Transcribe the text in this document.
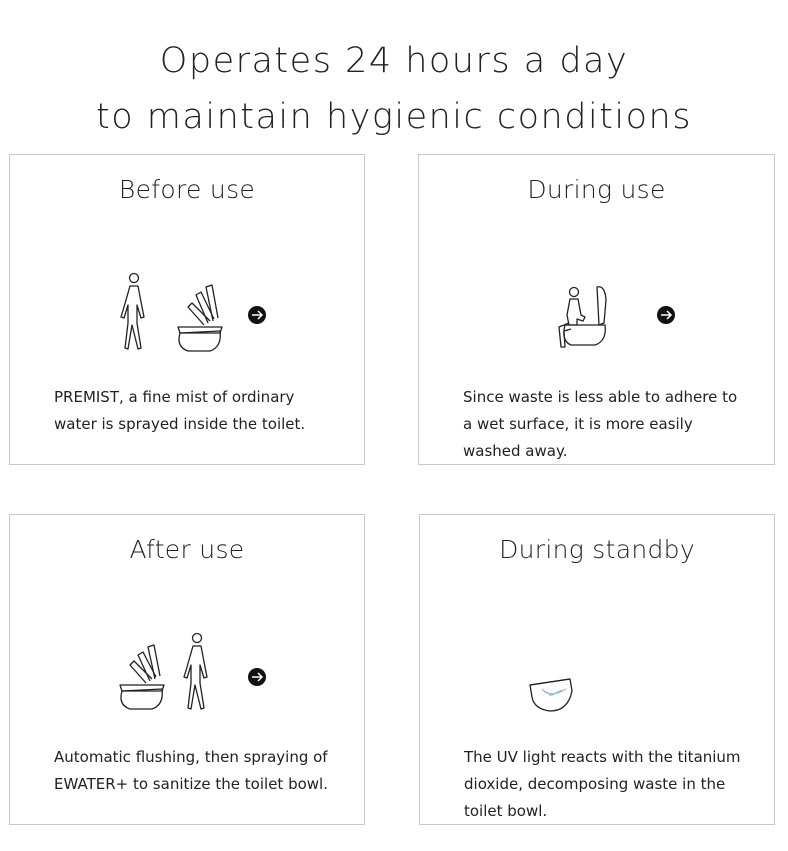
Operates 24 hours a day
to maintain hygienic conditions
Before use
PREMIST, a fine mist of ordinary water is sprayed inside the toilet.
During use
Since waste is less able to adhere to a wet surface, it is more easily washed away.
After use
Automatic flushing, then spraying of EWATER+ to sanitize the toilet bowl.
During standby
The UV light reacts with the titanium dioxide, decomposing waste in the toilet bowl.
